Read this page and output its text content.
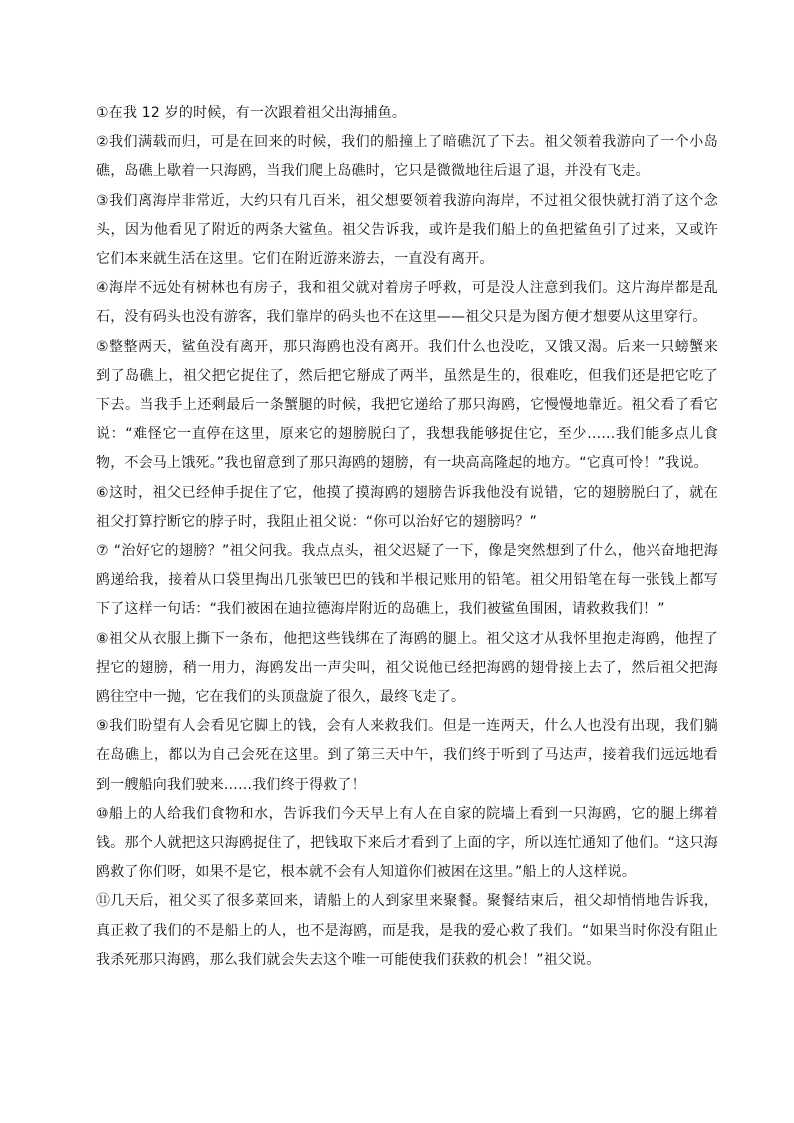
①在我 12 岁的时候，有一次跟着祖父出海捕鱼。

②我们满载而归，可是在回来的时候，我们的船撞上了暗礁沉了下去。祖父领着我游向了一个小岛礁，岛礁上歇着一只海鸥，当我们爬上岛礁时，它只是微微地往后退了退，并没有飞走。

③我们离海岸非常近，大约只有几百米，祖父想要领着我游向海岸，不过祖父很快就打消了这个念头，因为他看见了附近的两条大鲨鱼。祖父告诉我，或许是我们船上的鱼把鲨鱼引了过来，又或许它们本来就生活在这里。它们在附近游来游去，一直没有离开。

④海岸不远处有树林也有房子，我和祖父就对着房子呼救，可是没人注意到我们。这片海岸都是乱石，没有码头也没有游客，我们靠岸的码头也不在这里——祖父只是为图方便才想要从这里穿行。

⑤整整两天，鲨鱼没有离开，那只海鸥也没有离开。我们什么也没吃，又饿又渴。后来一只螃蟹来到了岛礁上，祖父把它捉住了，然后把它掰成了两半，虽然是生的，很难吃，但我们还是把它吃了下去。当我手上还剩最后一条蟹腿的时候，我把它递给了那只海鸥，它慢慢地靠近。祖父看了看它说：“难怪它一直停在这里，原来它的翅膀脱臼了，我想我能够捉住它，至少……我们能多点儿食物，不会马上饿死。”我也留意到了那只海鸥的翅膀，有一块高高隆起的地方。“它真可怜！”我说。

⑥这时，祖父已经伸手捉住了它，他摸了摸海鸥的翅膀告诉我他没有说错，它的翅膀脱臼了，就在祖父打算拧断它的脖子时，我阻止祖父说：“你可以治好它的翅膀吗？”

⑦ “治好它的翅膀？”祖父问我。我点点头，祖父迟疑了一下，像是突然想到了什么，他兴奋地把海鸥递给我，接着从口袋里掏出几张皱巴巴的钱和半根记账用的铅笔。祖父用铅笔在每一张钱上都写下了这样一句话：“我们被困在迪拉德海岸附近的岛礁上，我们被鲨鱼围困，请救救我们！”

⑧祖父从衣服上撕下一条布，他把这些钱绑在了海鸥的腿上。祖父这才从我怀里抱走海鸥，他捏了捏它的翅膀，稍一用力，海鸥发出一声尖叫，祖父说他已经把海鸥的翅骨接上去了，然后祖父把海鸥往空中一抛，它在我们的头顶盘旋了很久，最终飞走了。

⑨我们盼望有人会看见它脚上的钱，会有人来救我们。但是一连两天，什么人也没有出现，我们躺在岛礁上，都以为自己会死在这里。到了第三天中午，我们终于听到了马达声，接着我们远远地看到一艘船向我们驶来……我们终于得救了！

⑩船上的人给我们食物和水，告诉我们今天早上有人在自家的院墙上看到一只海鸥，它的腿上绑着钱。那个人就把这只海鸥捉住了，把钱取下来后才看到了上面的字，所以连忙通知了他们。“这只海鸥救了你们呀，如果不是它，根本就不会有人知道你们被困在这里。”船上的人这样说。

⑪几天后，祖父买了很多菜回来，请船上的人到家里来聚餐。聚餐结束后，祖父却悄悄地告诉我，真正救了我们的不是船上的人，也不是海鸥，而是我，是我的爱心救了我们。“如果当时你没有阻止我杀死那只海鸥，那么我们就会失去这个唯一可能使我们获救的机会！”祖父说。
